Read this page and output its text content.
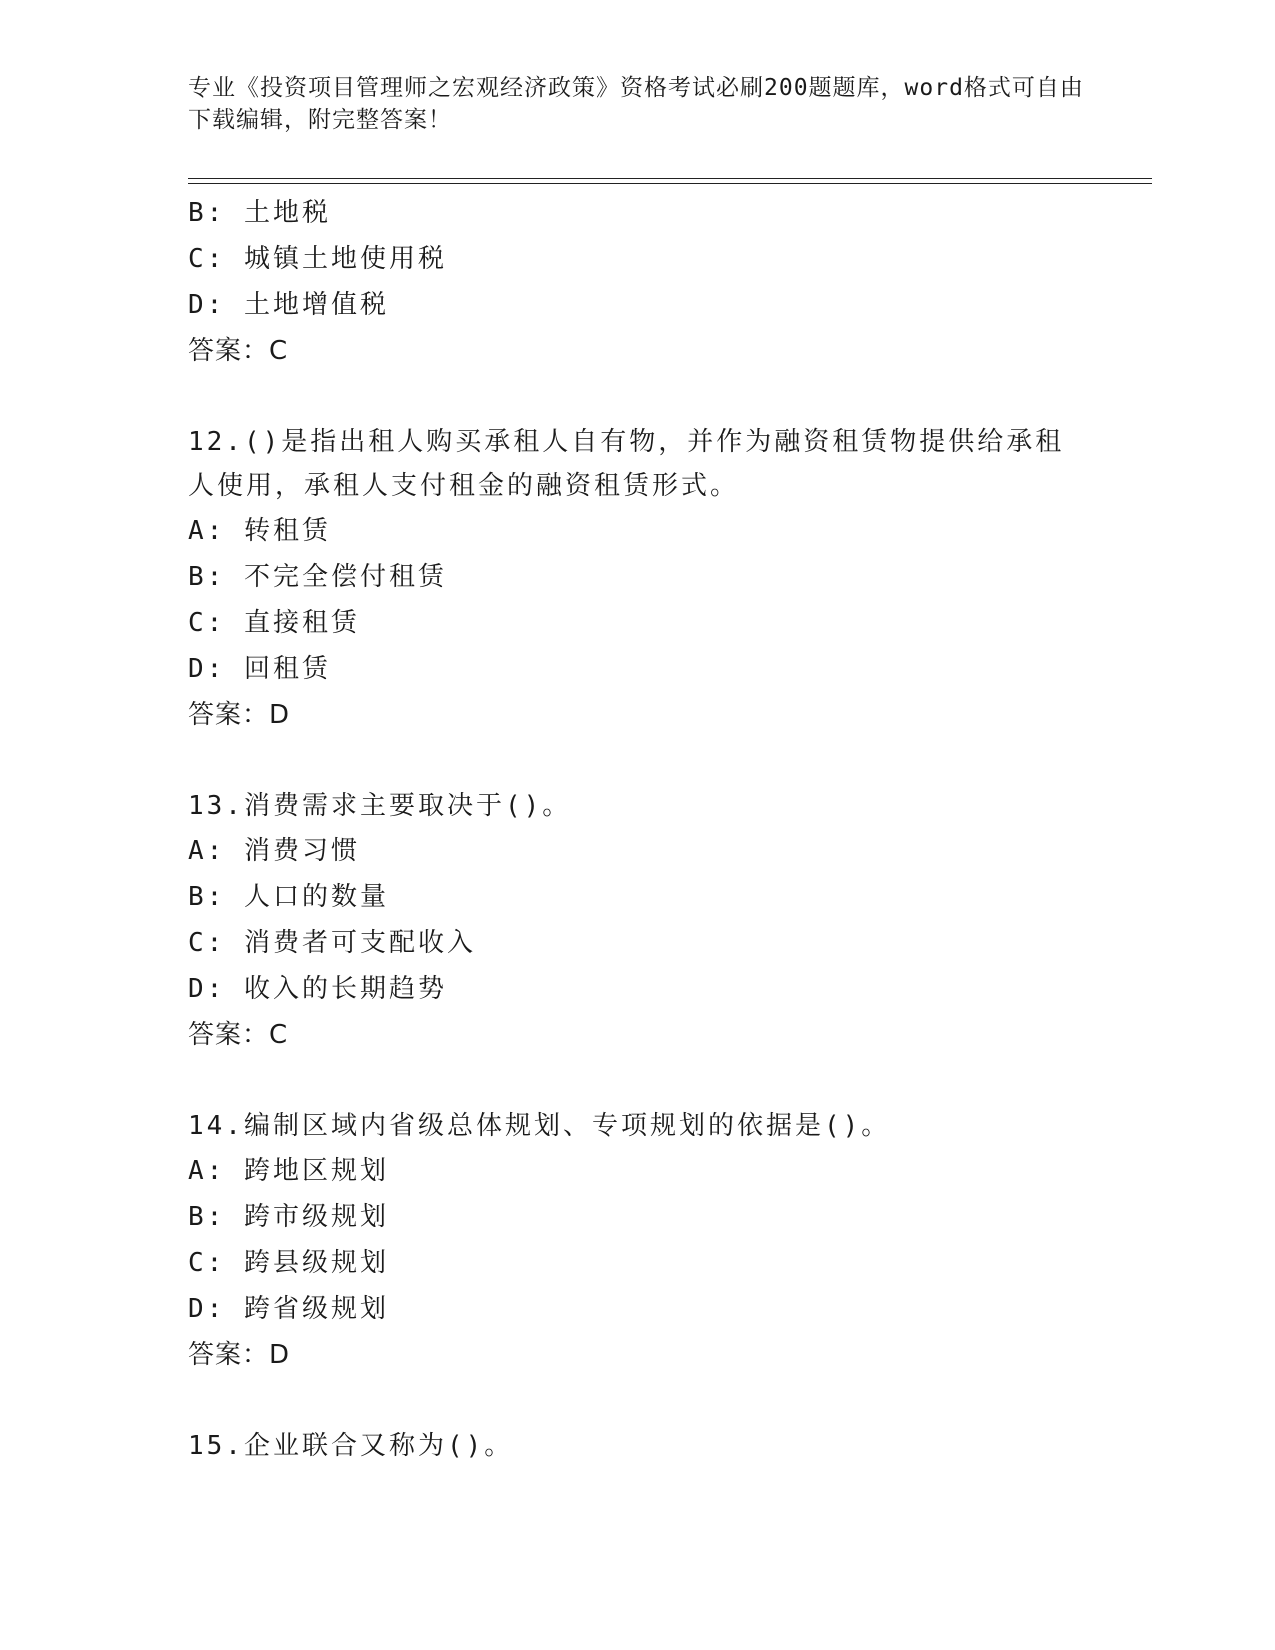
专业《投资项目管理师之宏观经济政策》资格考试必刷200题题库，word格式可自由下载编辑，附完整答案！
B: 土地税
C: 城镇土地使用税
D: 土地增值税
答案：C
12.()是指出租人购买承租人自有物，并作为融资租赁物提供给承租人使用，承租人支付租金的融资租赁形式。
A: 转租赁
B: 不完全偿付租赁
C: 直接租赁
D: 回租赁
答案：D
13.消费需求主要取决于()。
A: 消费习惯
B: 人口的数量
C: 消费者可支配收入
D: 收入的长期趋势
答案：C
14.编制区域内省级总体规划、专项规划的依据是()。
A: 跨地区规划
B: 跨市级规划
C: 跨县级规划
D: 跨省级规划
答案：D
15.企业联合又称为()。
